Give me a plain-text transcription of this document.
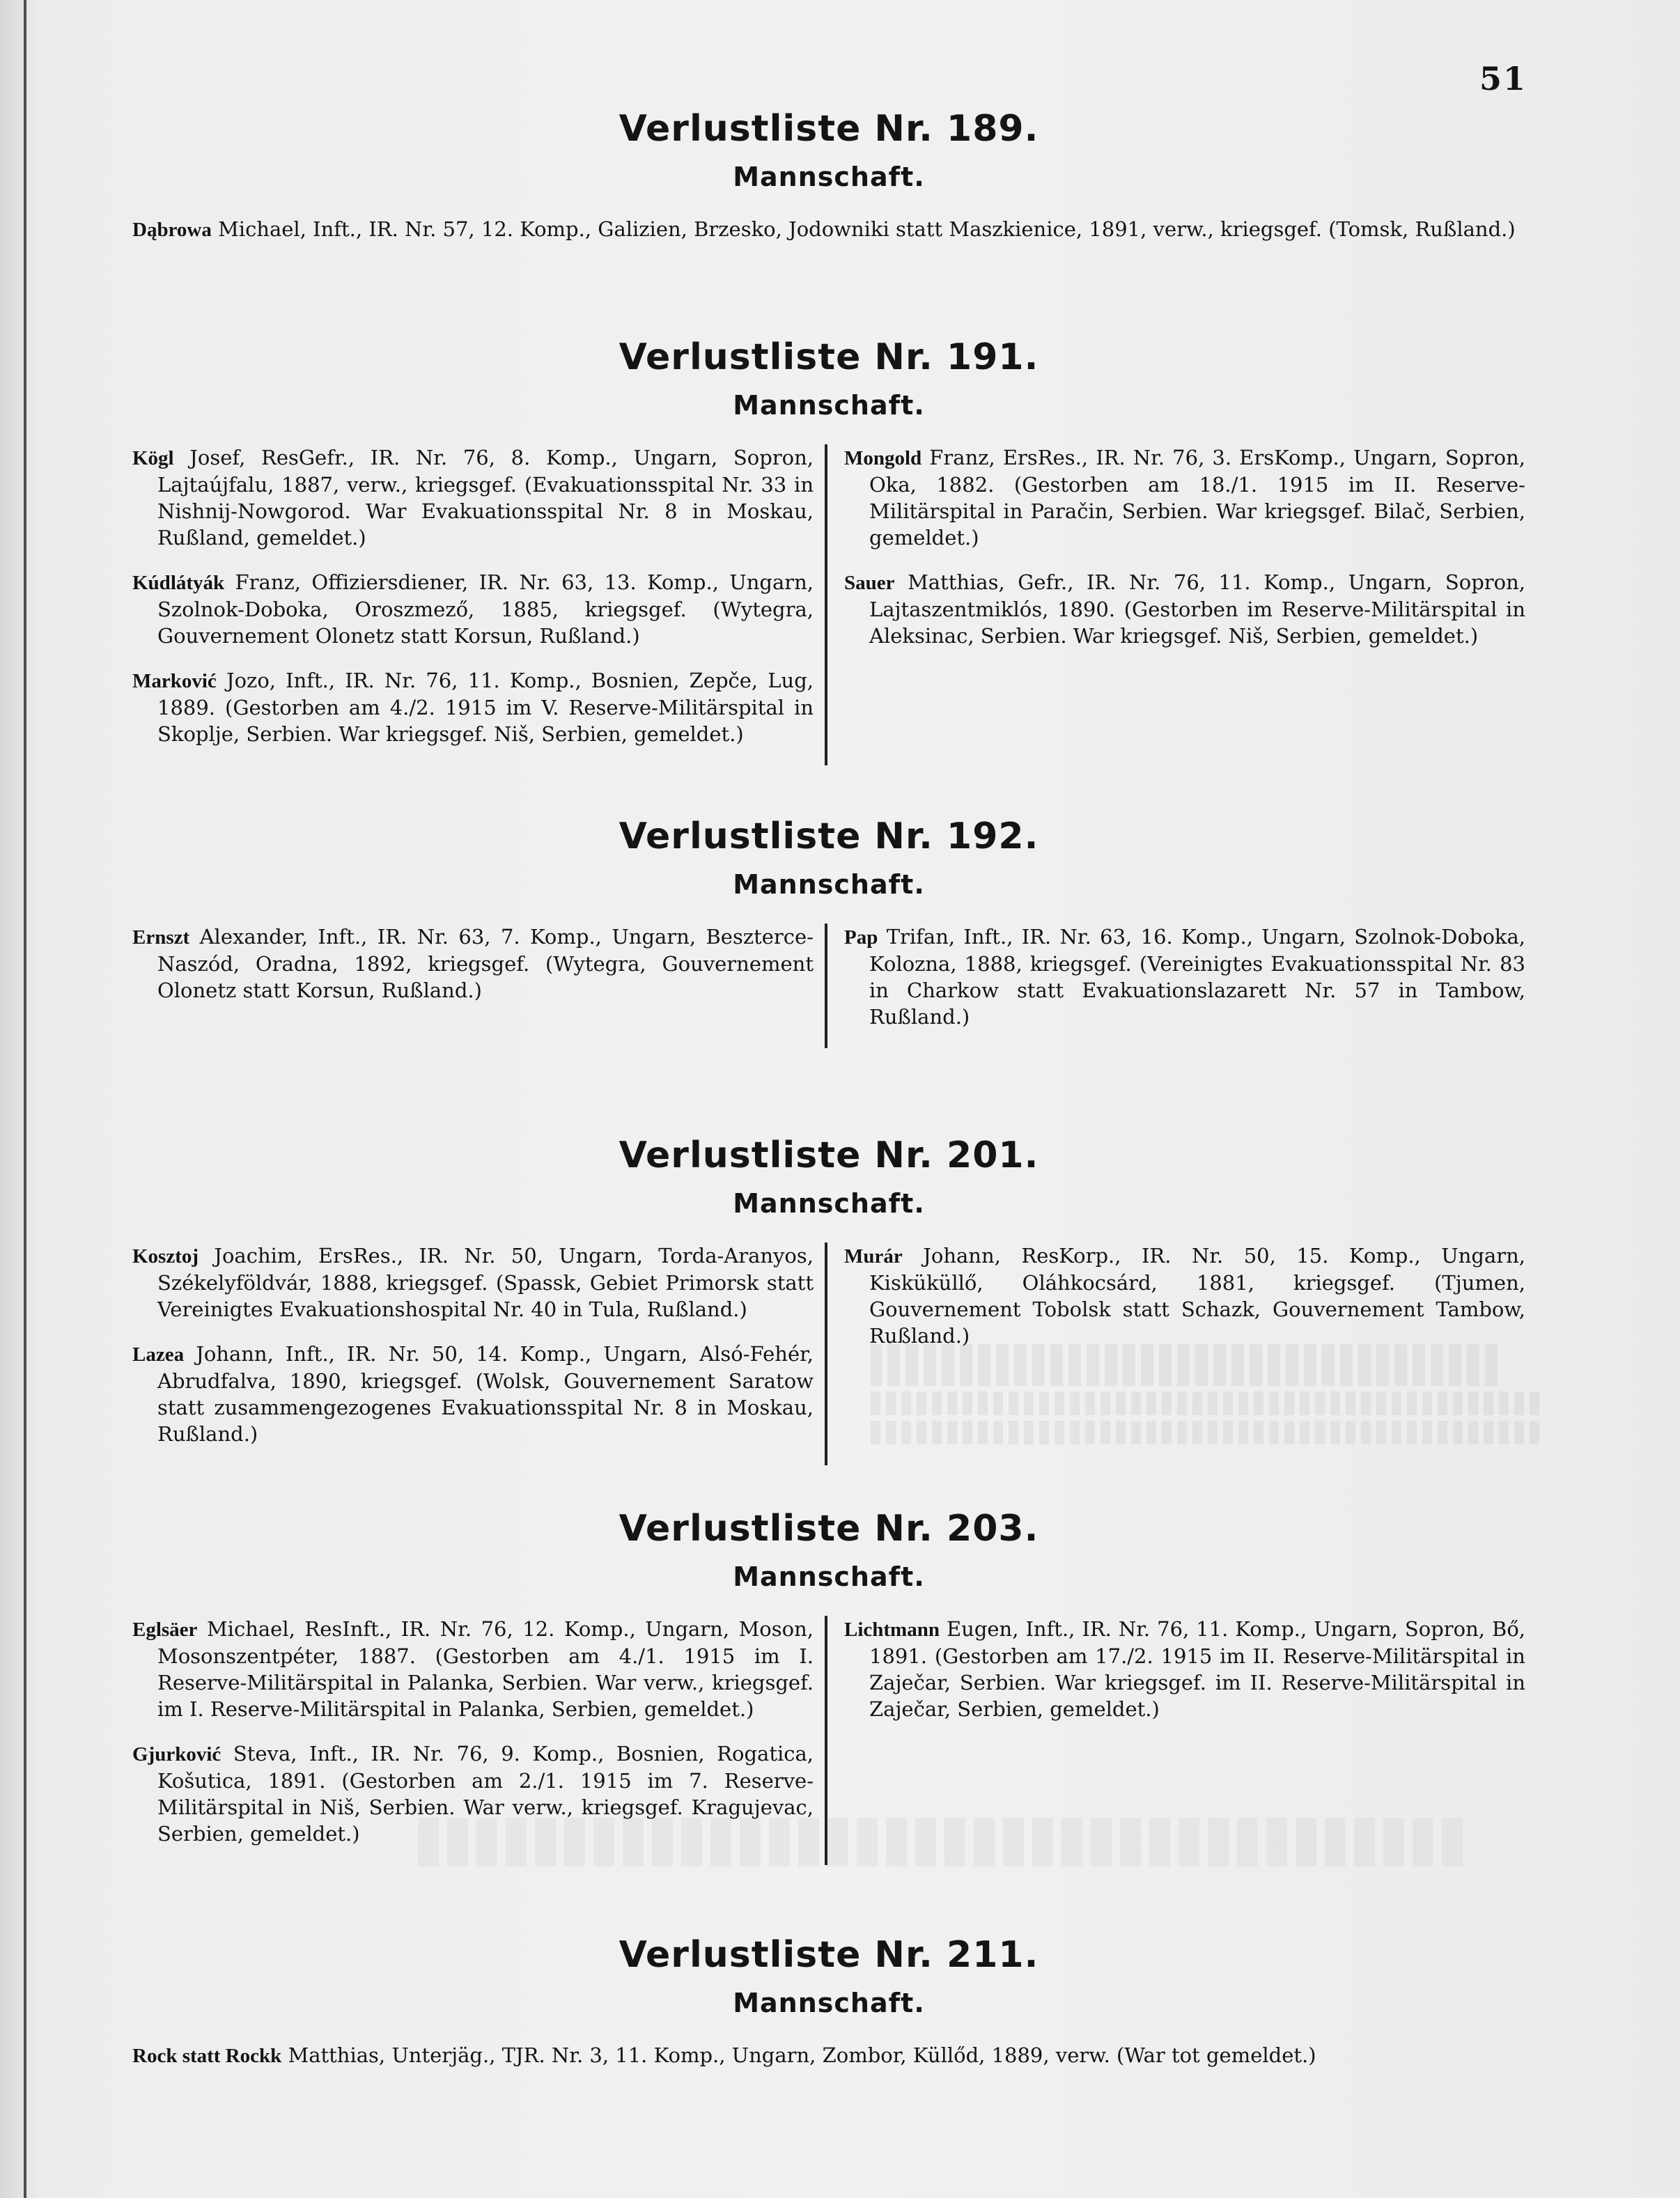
51
Verlustliste Nr. 189.
Mannschaft.

Dąbrowa Michael, Inft., IR. Nr. 57, 12. Komp., Galizien, Brzesko, Jodowniki statt Maszkienice, 1891, verw., kriegsgef. (Tomsk, Rußland.)

Verlustliste Nr. 191.
Mannschaft.

Kögl Josef, ResGefr., IR. Nr. 76, 8. Komp., Ungarn, Sopron, Lajtaújfalu, 1887, verw., kriegsgef. (Evakuationsspital Nr. 33 in Nishnij-Nowgorod. War Evakuationsspital Nr. 8 in Moskau, Rußland, gemeldet.)

Kúdlátyák Franz, Offiziersdiener, IR. Nr. 63, 13. Komp., Ungarn, Szolnok-Doboka, Oroszmező, 1885, kriegsgef. (Wytegra, Gouvernement Olonetz statt Korsun, Rußland.)

Marković Jozo, Inft., IR. Nr. 76, 11. Komp., Bosnien, Zepče, Lug, 1889. (Gestorben am 4./2. 1915 im V. Reserve-Militärspital in Skoplje, Serbien. War kriegsgef. Niš, Serbien, gemeldet.)

Mongold Franz, ErsRes., IR. Nr. 76, 3. ErsKomp., Ungarn, Sopron, Oka, 1882. (Gestorben am 18./1. 1915 im II. Reserve-Militärspital in Paračin, Serbien. War kriegsgef. Bilač, Serbien, gemeldet.)

Sauer Matthias, Gefr., IR. Nr. 76, 11. Komp., Ungarn, Sopron, Lajtaszentmiklós, 1890. (Gestorben im Reserve-Militärspital in Aleksinac, Serbien. War kriegsgef. Niš, Serbien, gemeldet.)

Verlustliste Nr. 192.
Mannschaft.

Ernszt Alexander, Inft., IR. Nr. 63, 7. Komp., Ungarn, Beszterce-Naszód, Oradna, 1892, kriegsgef. (Wytegra, Gouvernement Olonetz statt Korsun, Rußland.)

Pap Trifan, Inft., IR. Nr. 63, 16. Komp., Ungarn, Szolnok-Doboka, Kolozna, 1888, kriegsgef. (Vereinigtes Evakuationsspital Nr. 83 in Charkow statt Evakuationslazarett Nr. 57 in Tambow, Rußland.)

Verlustliste Nr. 201.
Mannschaft.

Kosztoj Joachim, ErsRes., IR. Nr. 50, Ungarn, Torda-Aranyos, Székelyföldvár, 1888, kriegsgef. (Spassk, Gebiet Primorsk statt Vereinigtes Evakuationshospital Nr. 40 in Tula, Rußland.)

Lazea Johann, Inft., IR. Nr. 50, 14. Komp., Ungarn, Alsó-Fehér, Abrudfalva, 1890, kriegsgef. (Wolsk, Gouvernement Saratow statt zusammengezogenes Evakuationsspital Nr. 8 in Moskau, Rußland.)

Murár Johann, ResKorp., IR. Nr. 50, 15. Komp., Ungarn, Kisküküllő, Oláhkocsárd, 1881, kriegsgef. (Tjumen, Gouvernement Tobolsk statt Schazk, Gouvernement Tambow, Rußland.)

Verlustliste Nr. 203.
Mannschaft.

Eglsäer Michael, ResInft., IR. Nr. 76, 12. Komp., Ungarn, Moson, Mosonszentpéter, 1887. (Gestorben am 4./1. 1915 im I. Reserve-Militärspital in Palanka, Serbien. War verw., kriegsgef. im I. Reserve-Militärspital in Palanka, Serbien, gemeldet.)

Gjurković Steva, Inft., IR. Nr. 76, 9. Komp., Bosnien, Rogatica, Košutica, 1891. (Gestorben am 2./1. 1915 im 7. Reserve-Militärspital in Niš, Serbien. War verw., kriegsgef. Kragujevac, Serbien, gemeldet.)

Lichtmann Eugen, Inft., IR. Nr. 76, 11. Komp., Ungarn, Sopron, Bő, 1891. (Gestorben am 17./2. 1915 im II. Reserve-Militärspital in Zaječar, Serbien. War kriegsgef. im II. Reserve-Militärspital in Zaječar, Serbien, gemeldet.)

Verlustliste Nr. 211.
Mannschaft.

Rock statt Rockk Matthias, Unterjäg., TJR. Nr. 3, 11. Komp., Ungarn, Zombor, Küllőd, 1889, verw. (War tot gemeldet.)
